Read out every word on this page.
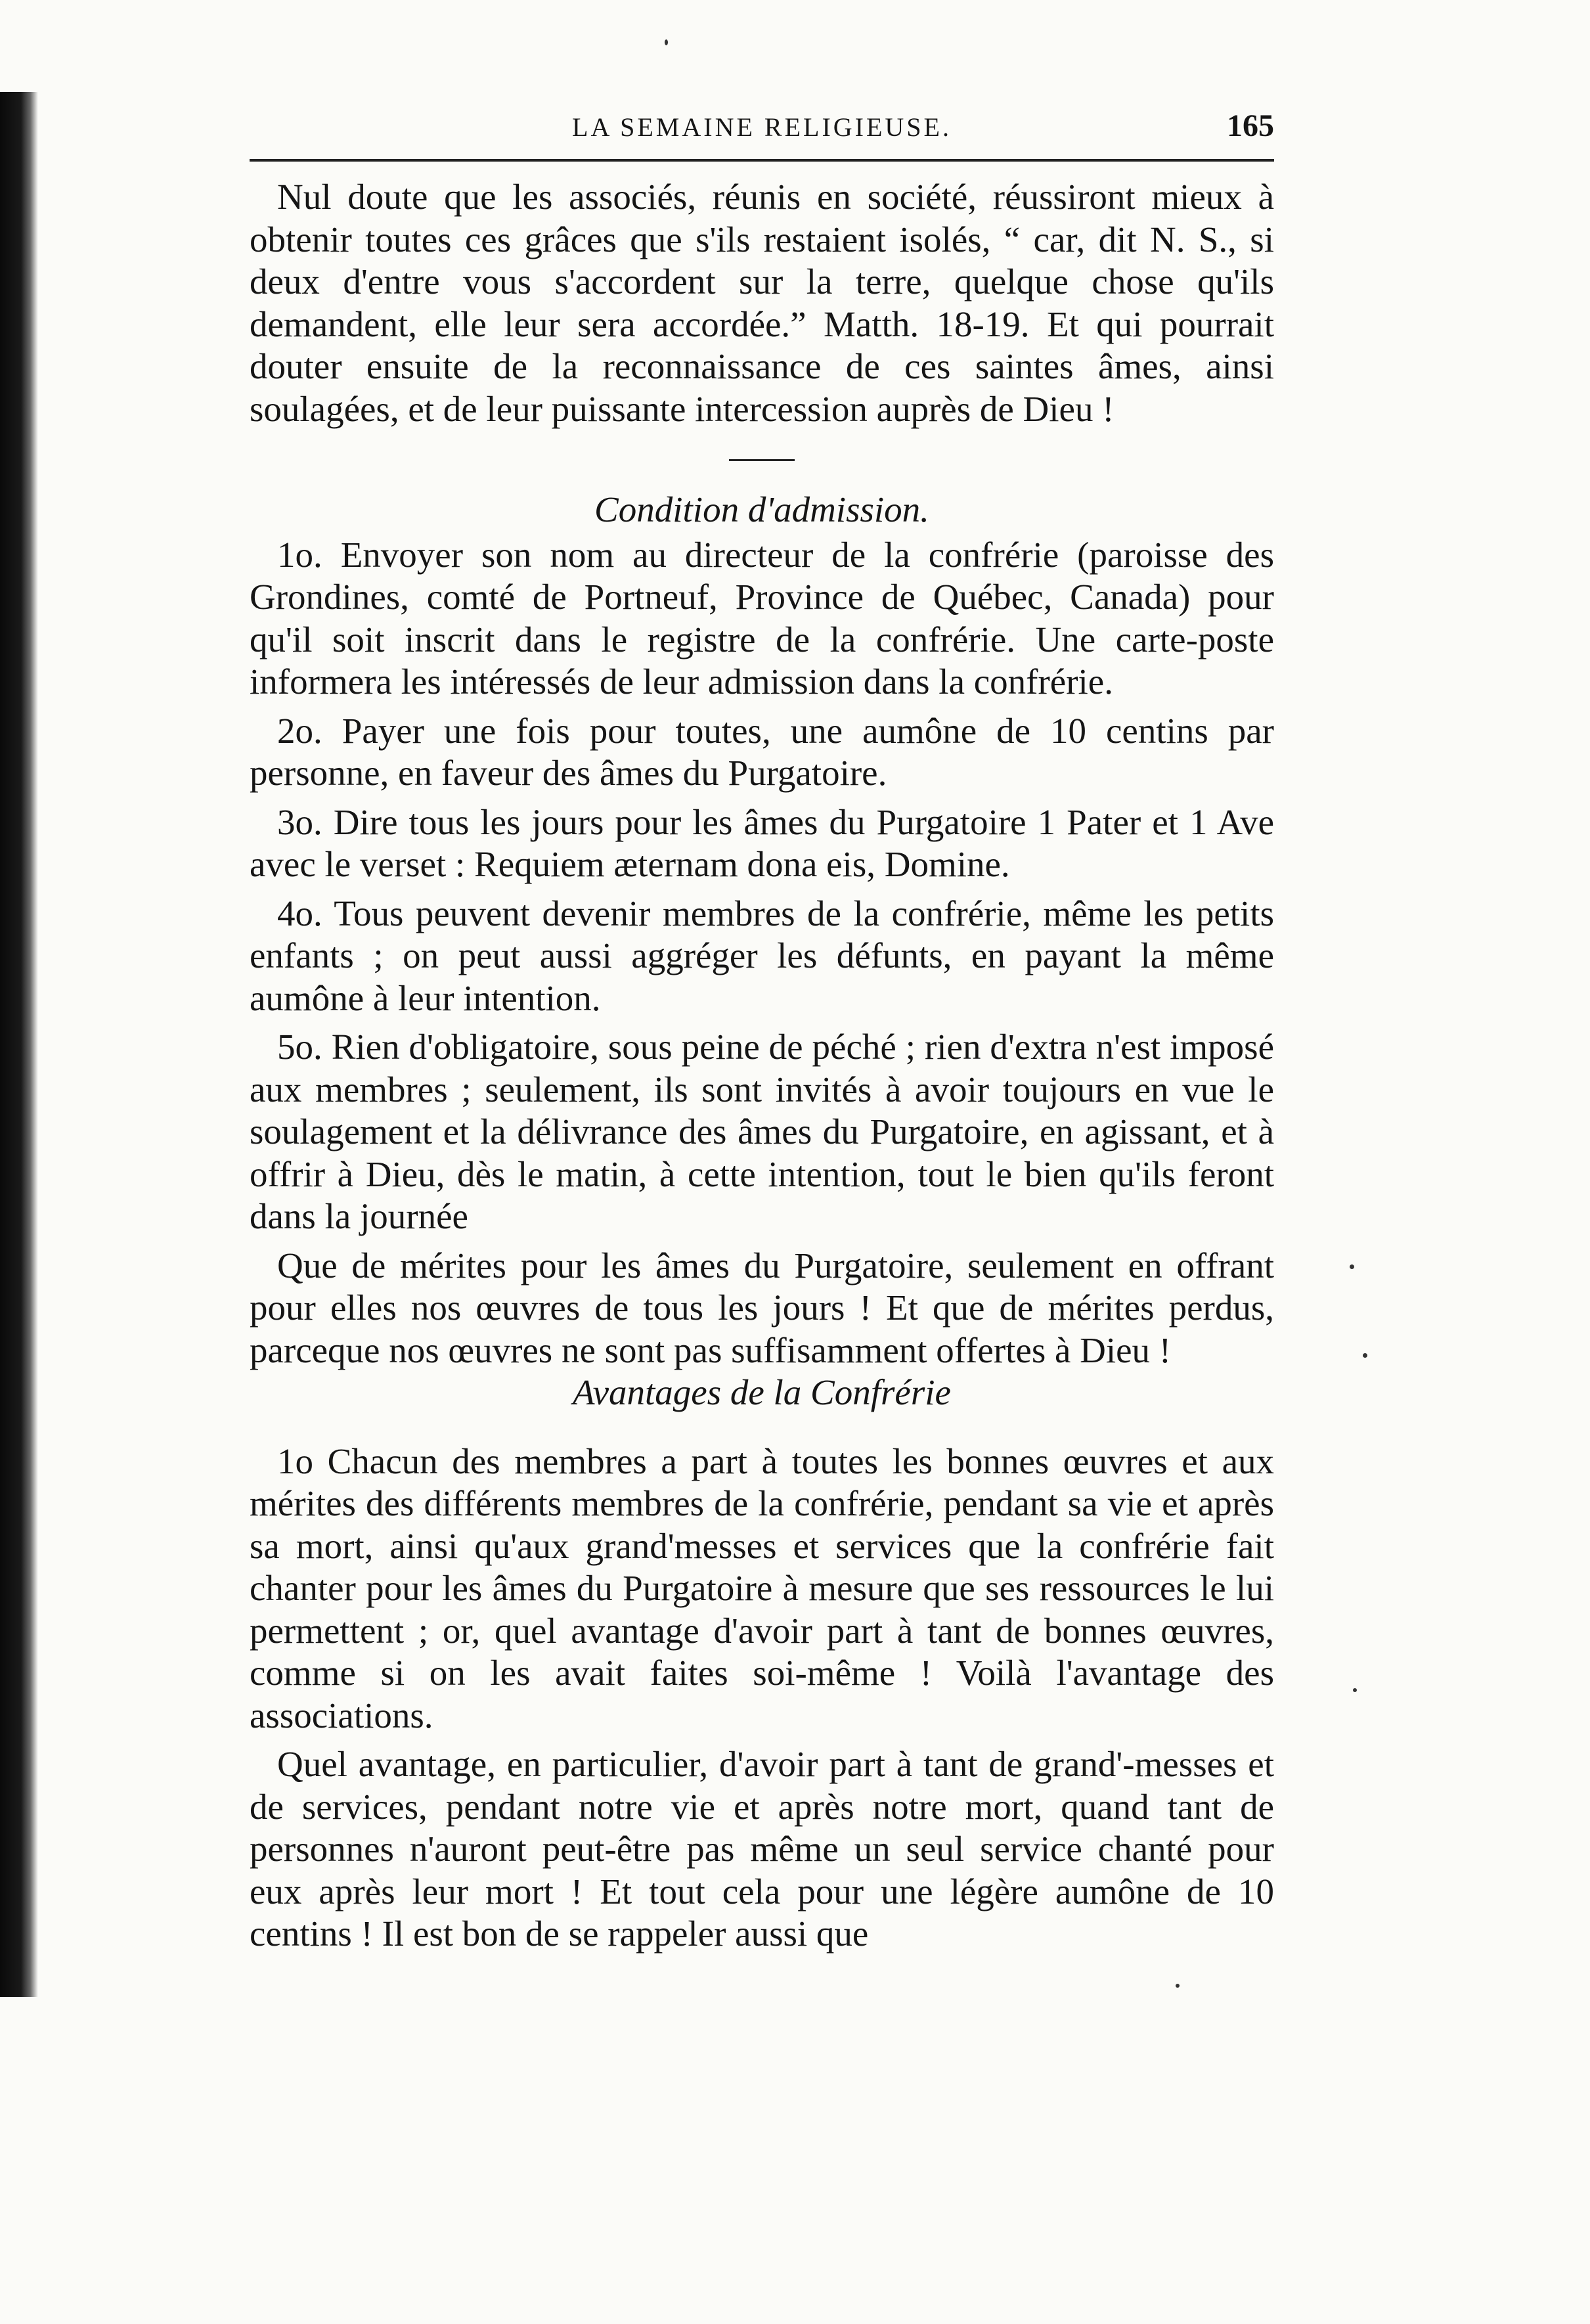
LA SEMAINE RELIGIEUSE.	165

Nul doute que les associés, réunis en société, réussiront mieux à obtenir toutes ces grâces que s'ils restaient isolés, “ car, dit N. S., si deux d'entre vous s'accordent sur la terre, quelque chose qu'ils demandent, elle leur sera accordée.” Matth. 18-19. Et qui pourrait douter ensuite de la reconnaissance de ces saintes âmes, ainsi soulagées, et de leur puissante intercession auprès de Dieu !

Condition d'admission.

1o. Envoyer son nom au directeur de la confrérie (paroisse des Grondines, comté de Portneuf, Province de Québec, Canada) pour qu'il soit inscrit dans le registre de la confrérie. Une carte-poste informera les intéressés de leur admission dans la confrérie.

2o. Payer une fois pour toutes, une aumône de 10 centins par personne, en faveur des âmes du Purgatoire.

3o. Dire tous les jours pour les âmes du Purgatoire 1 Pater et 1 Ave avec le verset : Requiem æternam dona eis, Domine.

4o. Tous peuvent devenir membres de la confrérie, même les petits enfants ; on peut aussi aggréger les défunts, en payant la même aumône à leur intention.

5o. Rien d'obligatoire, sous peine de péché ; rien d'extra n'est imposé aux membres ; seulement, ils sont invités à avoir toujours en vue le soulagement et la délivrance des âmes du Purgatoire, en agissant, et à offrir à Dieu, dès le matin, à cette intention, tout le bien qu'ils feront dans la journée

Que de mérites pour les âmes du Purgatoire, seulement en offrant pour elles nos œuvres de tous les jours ! Et que de mérites perdus, parceque nos œuvres ne sont pas suffisamment offertes à Dieu !

Avantages de la Confrérie

1o Chacun des membres a part à toutes les bonnes œuvres et aux mérites des différents membres de la confrérie, pendant sa vie et après sa mort, ainsi qu'aux grand'messes et services que la confrérie fait chanter pour les âmes du Purgatoire à mesure que ses ressources le lui permettent ; or, quel avantage d'avoir part à tant de bonnes œuvres, comme si on les avait faites soi-même ! Voilà l'avantage des associations.

Quel avantage, en particulier, d'avoir part à tant de grand'-messes et de services, pendant notre vie et après notre mort, quand tant de personnes n'auront peut-être pas même un seul service chanté pour eux après leur mort ! Et tout cela pour une légère aumône de 10 centins ! Il est bon de se rappeler aussi que
